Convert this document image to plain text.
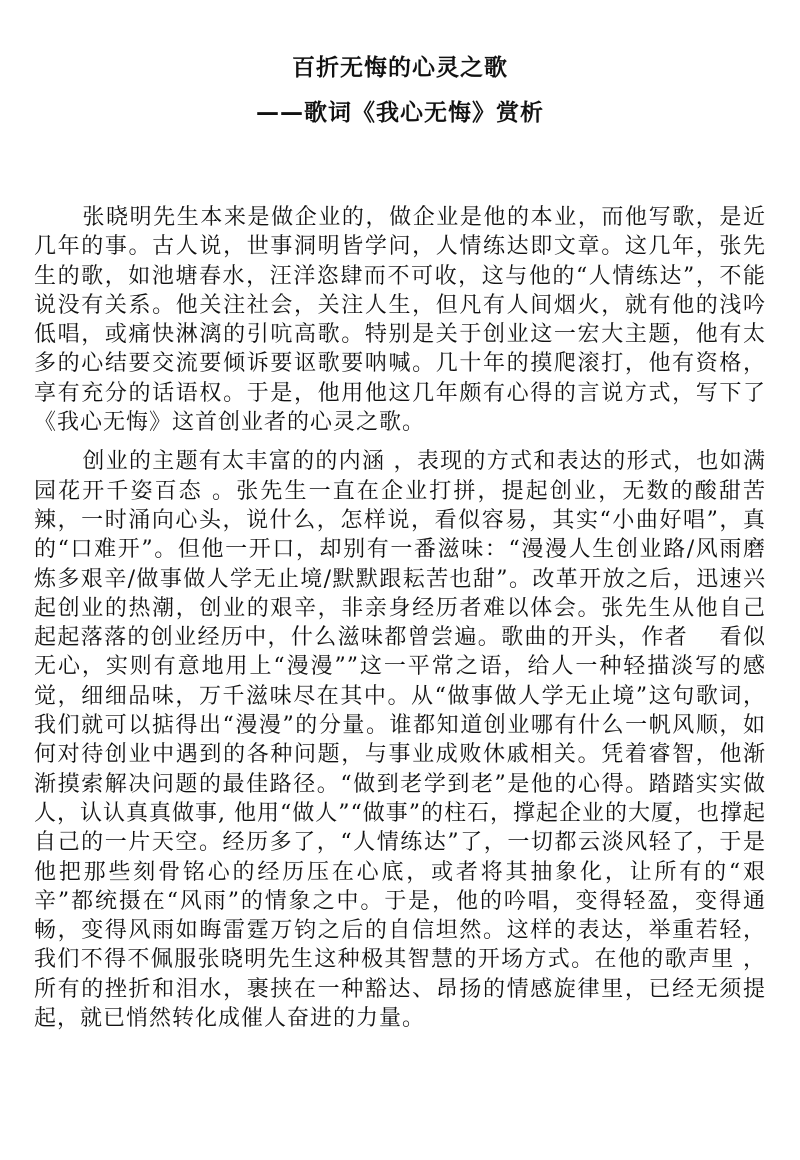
百折无悔的心灵之歌
——歌词《我心无悔》赏析

张晓明先生本来是做企业的，做企业是他的本业，而他写歌，是近几年的事。古人说，世事洞明皆学问，人情练达即文章。这几年，张先生的歌，如池塘春水，汪洋恣肆而不可收，这与他的“人情练达”，不能说没有关系。他关注社会，关注人生，但凡有人间烟火，就有他的浅吟低唱，或痛快淋漓的引吭高歌。特别是关于创业这一宏大主题，他有太多的心结要交流要倾诉要讴歌要呐喊。几十年的摸爬滚打，他有资格，享有充分的话语权。于是，他用他这几年颇有心得的言说方式，写下了《我心无悔》这首创业者的心灵之歌。

创业的主题有太丰富的的内涵 ，表现的方式和表达的形式，也如满园花开千姿百态 。张先生一直在企业打拼，提起创业，无数的酸甜苦辣，一时涌向心头，说什么，怎样说，看似容易，其实“小曲好唱”，真的“口难开”。但他一开口，却别有一番滋味：“漫漫人生创业路/风雨磨炼多艰辛/做事做人学无止境/默默跟耘苦也甜”。改革开放之后，迅速兴起创业的热潮，创业的艰辛，非亲身经历者难以体会。张先生从他自己起起落落的创业经历中，什么滋味都曾尝遍。歌曲的开头，作者　 看似无心，实则有意地用上“漫漫””这一平常之语，给人一种轻描淡写的感觉，细细品味，万千滋味尽在其中。从“做事做人学无止境”这句歌词，我们就可以掂得出“漫漫”的分量。谁都知道创业哪有什么一帆风顺，如何对待创业中遇到的各种问题，与事业成败休戚相关。凭着睿智，他渐渐摸索解决问题的最佳路径。“做到老学到老”是他的心得。踏踏实实做人，认认真真做事, 他用“做人”“做事”的柱石，撑起企业的大厦，也撑起自己的一片天空。经历多了，“人情练达”了，一切都云淡风轻了，于是他把那些刻骨铭心的经历压在心底，或者将其抽象化，让所有的“艰辛”都统摄在“风雨”的情象之中。于是，他的吟唱，变得轻盈，变得通畅，变得风雨如晦雷霆万钧之后的自信坦然。这样的表达，举重若轻，我们不得不佩服张晓明先生这种极其智慧的开场方式。在他的歌声里 ，所有的挫折和泪水，裹挟在一种豁达、昂扬的情感旋律里，已经无须提起，就已悄然转化成催人奋进的力量。
